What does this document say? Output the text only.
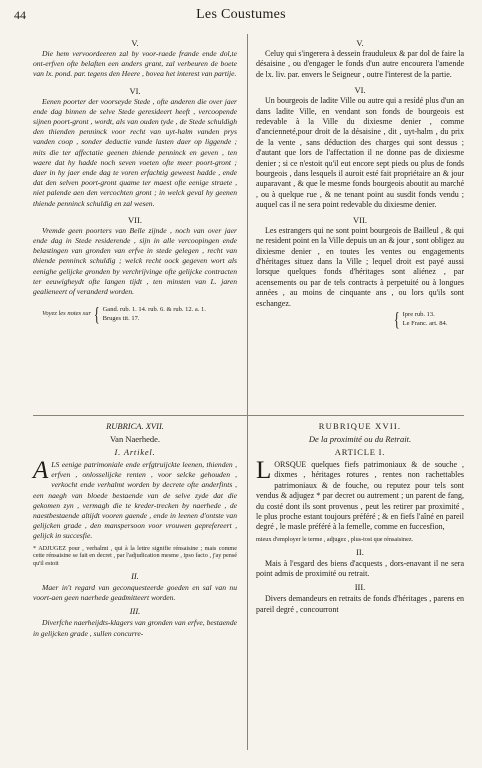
44	Les Coustumes
V.

Die hem vervoordeeren zal by voor-raede frande ende dol,te ont-erfven ofte belaften een anders grant, zal verbeuren de boete van lx. pond. par. tegens den Heere , bovea het interest van partije.

VI.

Eenen poorter der voorseyde Stede , ofte anderen die over jaer ende dag binnen de selve Stede geresideert heeft , vercoopende sijnen poort-gront , wordt, als van ouden tyde , de Stede schuldigh den thienden penninck voor recht van uyt-halm vanden prys vanden coop , sonder deductie vande lasten daer op liggende ; mits die ter affectatie geenen thiende penninck en geven , ten waere dat hy hadde noch seven voeten ofte meer poort-gront ; daer in hy jaer ende dag te voren erfachtig geweest hadde , ende dat den selven poort-gront quame ter maest ofte eenige straete , niet palende aen den vercochten gront ; in welck geval hy geenen thiende penninck schuldig en zal wesen.

VII.

Vremde geen poorters van Belle zijnde , noch van over jaer ende dag in Stede residerende , sijn in alle vercoopingen ende belastingen van gronden van erfve in stede gelegen , recht van thiende penninck schuldig ; welck recht oock gegeven wort als eenighe gelijcke gronden by verchrijvinge ofte gelijcke contracten ter eeuwigheydt ofte langen tijdt , ten minsten van L. jaren gealieneert of veranderd worden.

Voyez les notes sur { Gand. rub. 1. 14. rub. 6. & rub. 12. a. 1.
Bruges tit. 17.
V.

Celuy qui s'ingerera à dessein frauduleux & par dol de faire la désaisine , ou d'engager le fonds d'un autre encourera l'amende de lx. liv. par. envers le Seigneur , outre l'interest de la partie.

VI.

Un bourgeois de ladite Ville ou autre qui a resídé plus d'un an dans ladite Ville, en vendant son fonds de bourgeois est redevable à la Ville du dixiesme denier , comme d'ancienneté,pour droit de la désaisine , dit , uyt-halm , du prix de la vente , sans déduction des charges qui sont dessus ; d'autant que lors de l'affectation il ne donne pas de dixiesme denier ; si ce n'estoit qu'il eut encore sept pieds ou plus de fonds bourgeois , dans lesquels il auroit esté fait propriétaire an & jour auparavant , & que le mesme fonds bourgeois aboutit au marché , ou à quelque rue , & ne tenant point au susdit fonds vendu ; auquel cas il ne sera point redevable du dixiesme denier.

VII.

Les estrangers qui ne sont point bourgeois de Bailleul , & qui ne resident point en la Ville depuis un an & jour , sont obligez au dixiesme denier , en toutes les ventes ou engagements d'héritages situez dans la Ville ; lequel droit est payé aussi lorsque quelques fonds d'héritages sont aliénez , par acensements ou par de tels contracts à perpetuité ou à longues années , au moins de cinquante ans , ou lors qu'ils sont eschangez.

{ Ipre rub. 13.
Le Franc. art. 84.
RUBRICA. XVII.
Van Naerhede.
I. Artikel.

ALS eenige patrimoniale ende erfgtruijckte leenen, thienden , erfven , onlosselijcke renten , voor selcke gehouden , verkocht ende verhalmt worden by decrete ofte anderfints , een naegh van bloede bestaende van de selve zyde dat die gekomen zyn , vermagh die te kreder-trecken by naerhede , de naestbestaende altijdt vooren gaende , ende in leenen d'ontste van gelijcken grade , den manspersoon voor vrouwen geprefereert , gelijck in succesfie.

* ADJUGEZ pour , verhalmt , qui à la lettre signifie rénsaisine ; mais comme cette rénsaisine se fait en decret , par l'adjudication mesme , ipso facto , j'ay pensé qu'il estoit

II.

Maer in't regard van geconquesteerde goeden en sal van nu voort-aen geen naerhede geadmitteert worden.

III.

Diverfche naerheijdts-klagers van gronden van erfve, bestaende in gelijcken grade , sullen concurre-

RUBRIQUE XVII.
De la proximité ou du Retrait.
ARTICLE I.

LORSQUE quelques fiefs patrimoniaux & de souche , dixmes , héritages rotures , rentes non rachettables patrimoniaux & de fouche, ou reputez pour tels sont vendus & adjugez * par decret ou autrement ; un parent de fang, du costé dont ils sont provenus , peut les retirer par proximité , le plus proche estant toujours préféré ; & en fiefs l'aîné en pareil degré , le masle préféré à la femelle, comme en fuccesfion,

mieux d'employer le terme , adjugez , plus-tost que rénsaisinez.

II.

Mais à l'esgard des biens d'acquests , dors-enavant il ne sera point admis de proximité ou retrait.

III.

Divers demandeurs en retraits de fonds d'héritages , parens en pareil degré , concourront
